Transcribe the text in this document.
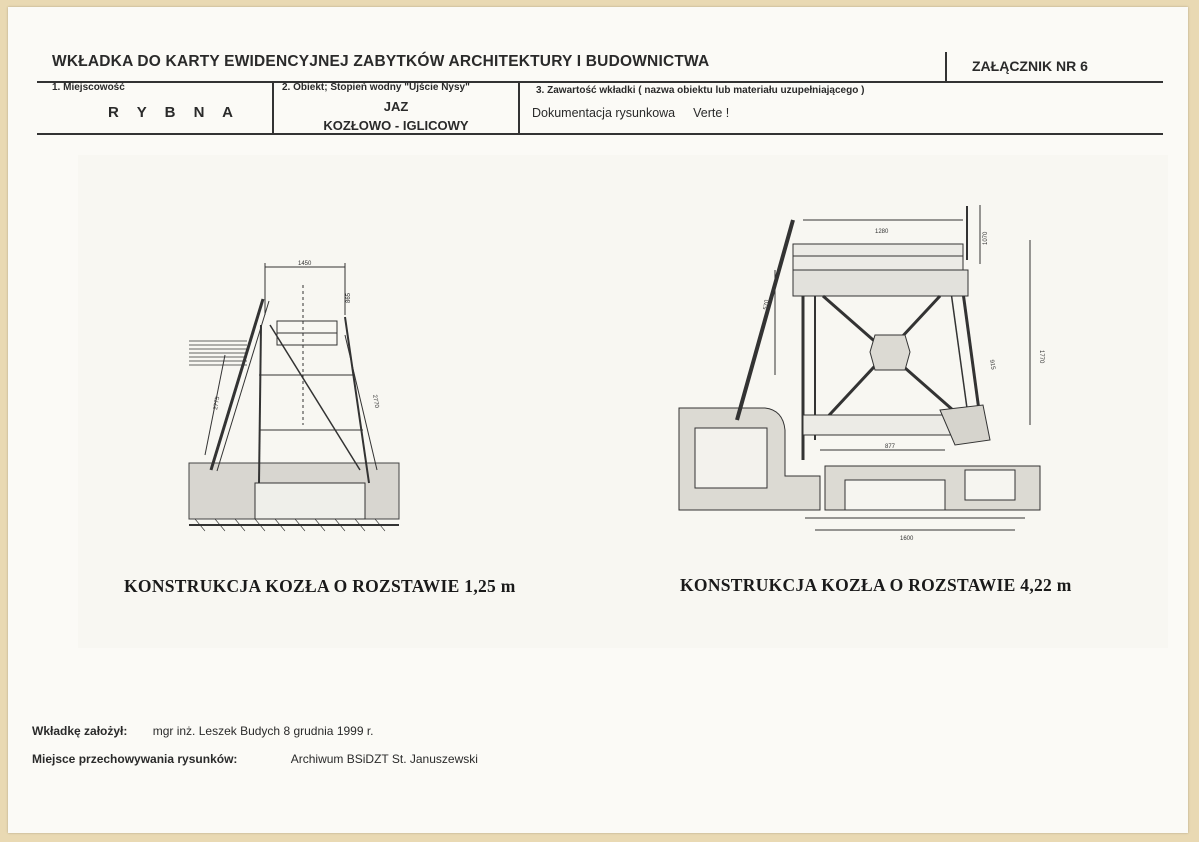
WKŁADKA DO KARTY EWIDENCYJNEJ ZABYTKÓW ARCHITEKTURY I BUDOWNICTWA	ZAŁĄCZNIK NR 6
1. Miejscowość
R Y B N A
2. Obiekt; Stopień wodny "Ujście Nysy"
JAZ
KOZŁOWO - IGLICOWY
3. Zawartość wkładki ( nazwa obiektu lub materiału uzupełniającego )
Dokumentacja rysunkowa Verte !
1450
865
2770
2775
1280	1070
570
1770
915
877
1600
KONSTRUKCJA KOZŁA O ROZSTAWIE 1,25 m	KONSTRUKCJA KOZŁA O ROZSTAWIE 4,22 m
Wkładkę założył: mgr inż. Leszek Budych 8 grudnia 1999 r.
Miejsce przechowywania rysunków:	Archiwum BSiDZT St. Januszewski
